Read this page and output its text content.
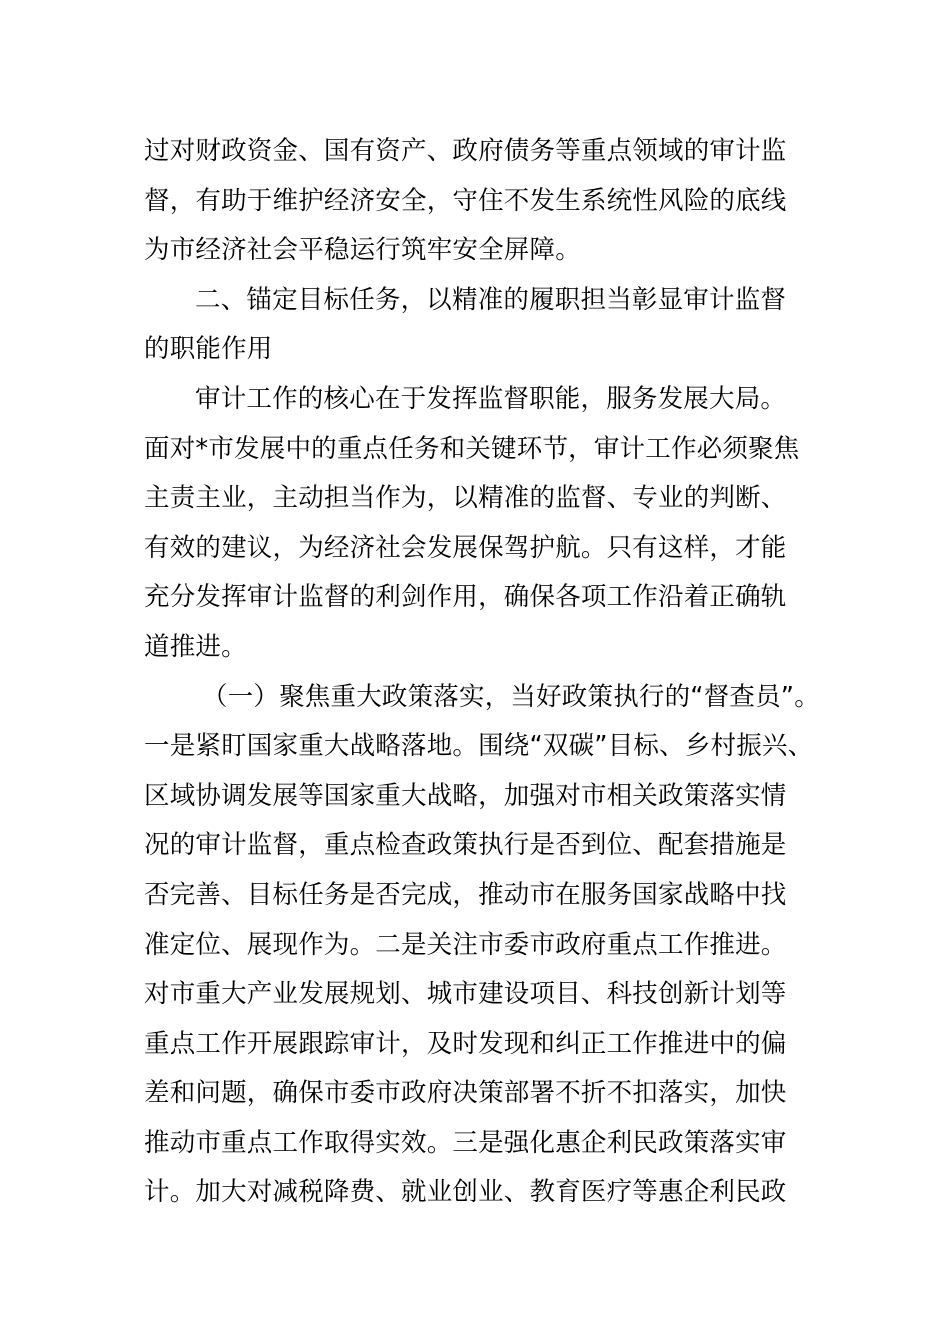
过对财政资金、国有资产、政府债务等重点领域的审计监
督，有助于维护经济安全，守住不发生系统性风险的底线
为市经济社会平稳运行筑牢安全屏障。
二、锚定目标任务，以精准的履职担当彰显审计监督
的职能作用
审计工作的核心在于发挥监督职能，服务发展大局。
面对*市发展中的重点任务和关键环节，审计工作必须聚焦
主责主业，主动担当作为，以精准的监督、专业的判断、
有效的建议，为经济社会发展保驾护航。只有这样，才能
充分发挥审计监督的利剑作用，确保各项工作沿着正确轨
道推进。
（一）聚焦重大政策落实，当好政策执行的“督查员”。
一是紧盯国家重大战略落地。围绕“双碳”目标、乡村振兴、
区域协调发展等国家重大战略，加强对市相关政策落实情
况的审计监督，重点检查政策执行是否到位、配套措施是
否完善、目标任务是否完成，推动市在服务国家战略中找
准定位、展现作为。二是关注市委市政府重点工作推进。
对市重大产业发展规划、城市建设项目、科技创新计划等
重点工作开展跟踪审计，及时发现和纠正工作推进中的偏
差和问题，确保市委市政府决策部署不折不扣落实，加快
推动市重点工作取得实效。三是强化惠企利民政策落实审
计。加大对减税降费、就业创业、教育医疗等惠企利民政
